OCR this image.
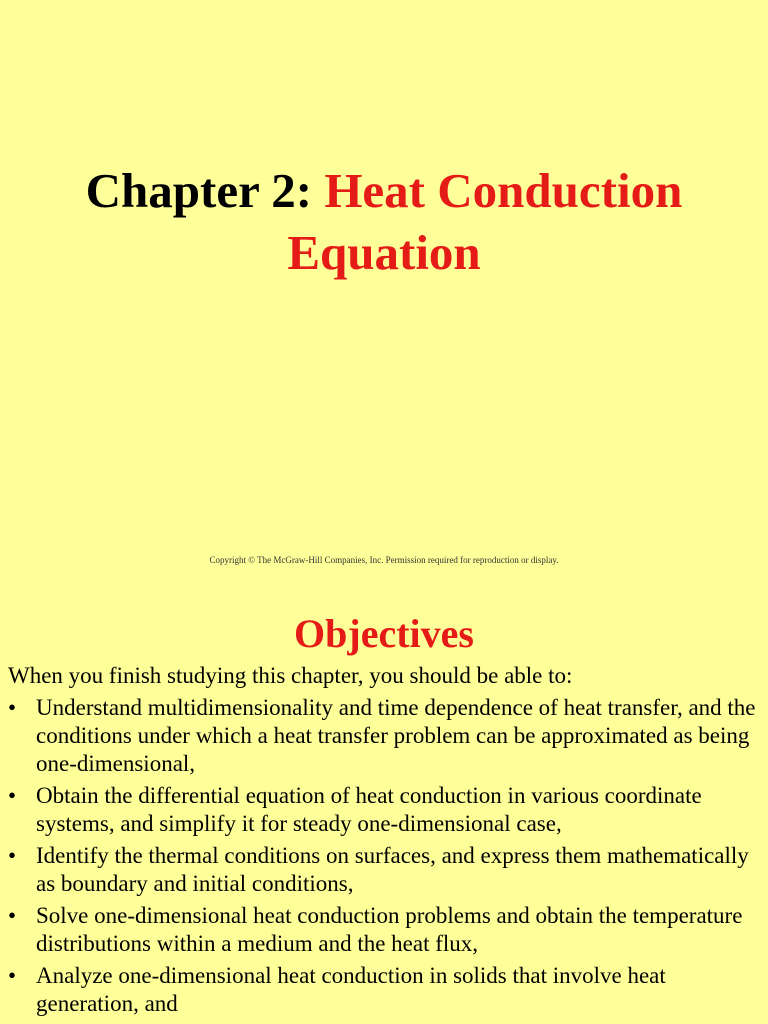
Chapter 2: Heat Conduction
Equation
Copyright © The McGraw-Hill Companies, Inc. Permission required for reproduction or display.
Objectives
When you finish studying this chapter, you should be able to:
• Understand multidimensionality and time dependence of heat transfer, and the conditions under which a heat transfer problem can be approximated as being one-dimensional,
• Obtain the differential equation of heat conduction in various coordinate systems, and simplify it for steady one-dimensional case,
• Identify the thermal conditions on surfaces, and express them mathematically as boundary and initial conditions,
• Solve one-dimensional heat conduction problems and obtain the temperature distributions within a medium and the heat flux,
• Analyze one-dimensional heat conduction in solids that involve heat generation, and
